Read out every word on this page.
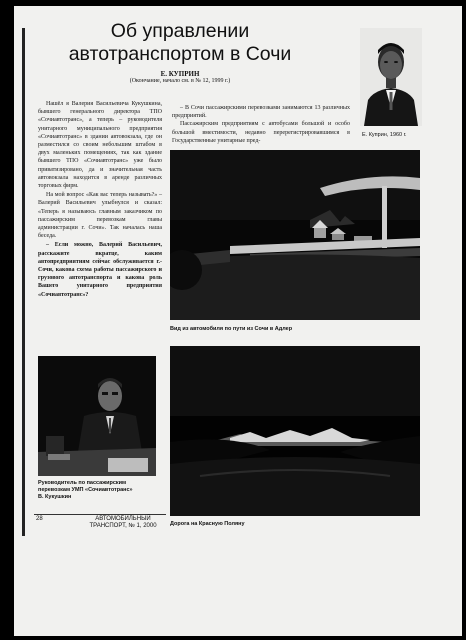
Об управлении
автотранспортом в Сочи
Е. КУПРИН
(Окончание, начало см. в № 12, 1999 г.)
Е. Куприн, 1960 г.

Нашёл я Валерия Васильевича Кукушкина, бывшего генерального директора ТПО «Сочиавтотранс», а теперь – руководителя унитарного муниципального предприятия «Сочиавтотранс» в здании автовокзала, где он разместился со своим небольшим штабом в двух маленьких помещениях, так как здание бывшего ТПО «Сочиавтотранс» уже было приватизировано, да и значительная часть автовокзала находится в аренде различных торговых фирм.

На мой вопрос «Как вас теперь называть?» – Валерий Васильевич улыбнулся и сказал: «Теперь я называюсь главным заказчиком по пассажирским перевозкам главы администрации г. Сочи». Так началась наша беседа.

– Если можно, Валерий Васильевич, расскажите вкратце, каким автопредприятиям сейчас обслуживается г.-Сочи, какова схема работы пассажирского и грузового автотранспорта и какова роль Вашего унитарного предприятия «Сочиавтотранс»?

– В Сочи пассажирскими перевозками занимаются 13 различных предприятий.

Пассажирским предприятиям с автобусами большой и особо большой вместимости, недавно перерегистрировавшимся в Государственные унитарные пред-

Вид из автомобиля по пути из Сочи в Адлер
Руководитель по пассажирским
перевозкам УМП «Сочиавтотранс»
В. Кукушкин
Дорога на Красную Поляну
28	АВТОМОБИЛЬНЫЙ
ТРАНСПОРТ, № 1, 2000
